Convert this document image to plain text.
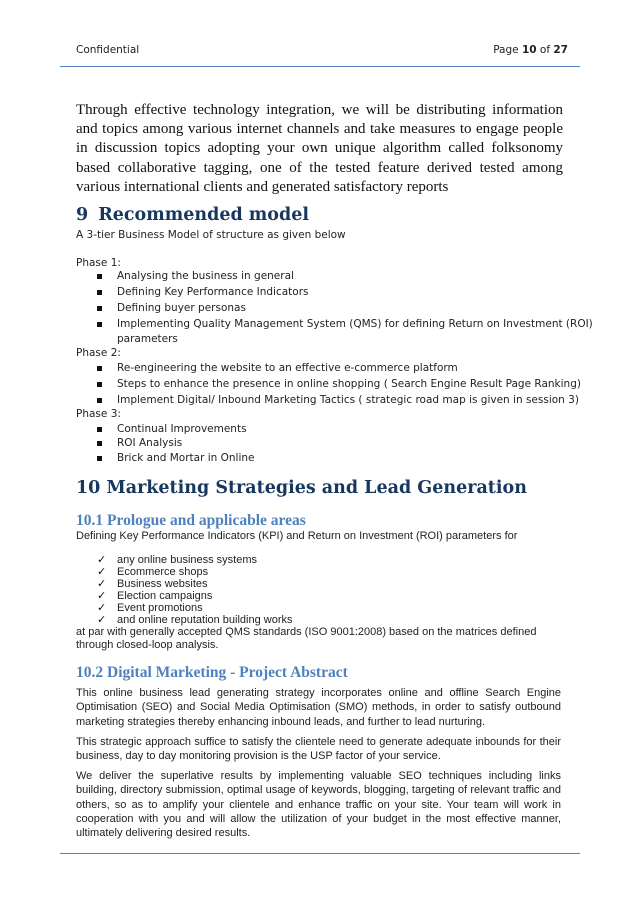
Confidential	Page 10 of 27
Through effective technology integration, we will be distributing information and topics among various internet channels and take measures to engage people in discussion topics adopting your own unique algorithm called folksonomy based collaborative tagging, one of the tested feature derived tested among various international clients and generated satisfactory reports
9 Recommended model
A 3-tier Business Model of structure as given below
Phase 1:
Analysing the business in general
Defining Key Performance Indicators
Defining buyer personas
Implementing Quality Management System (QMS) for defining Return on Investment (ROI)
parameters
Phase 2:
Re-engineering the website to an effective e-commerce platform
Steps to enhance the presence in online shopping ( Search Engine Result Page Ranking)
Implement Digital/ Inbound Marketing Tactics ( strategic road map is given in session 3)
Phase 3:
Continual Improvements
ROI Analysis
Brick and Mortar in Online
10 Marketing Strategies and Lead Generation
10.1 Prologue and applicable areas
Defining Key Performance Indicators (KPI) and Return on Investment (ROI) parameters for
✓ any online business systems
✓ Ecommerce shops
✓ Business websites
✓ Election campaigns
✓ Event promotions
✓ and online reputation building works
at par with generally accepted QMS standards (ISO 9001:2008) based on the matrices defined
through closed-loop analysis.
10.2 Digital Marketing - Project Abstract
This online business lead generating strategy incorporates online and offline Search Engine Optimisation (SEO) and Social Media Optimisation (SMO) methods, in order to satisfy outbound marketing strategies thereby enhancing inbound leads, and further to lead nurturing.
This strategic approach suffice to satisfy the clientele need to generate adequate inbounds for their business, day to day monitoring provision is the USP factor of your service.
We deliver the superlative results by implementing valuable SEO techniques including links building, directory submission, optimal usage of keywords, blogging, targeting of relevant traffic and others, so as to amplify your clientele and enhance traffic on your site. Your team will work in cooperation with you and will allow the utilization of your budget in the most effective manner, ultimately delivering desired results.
